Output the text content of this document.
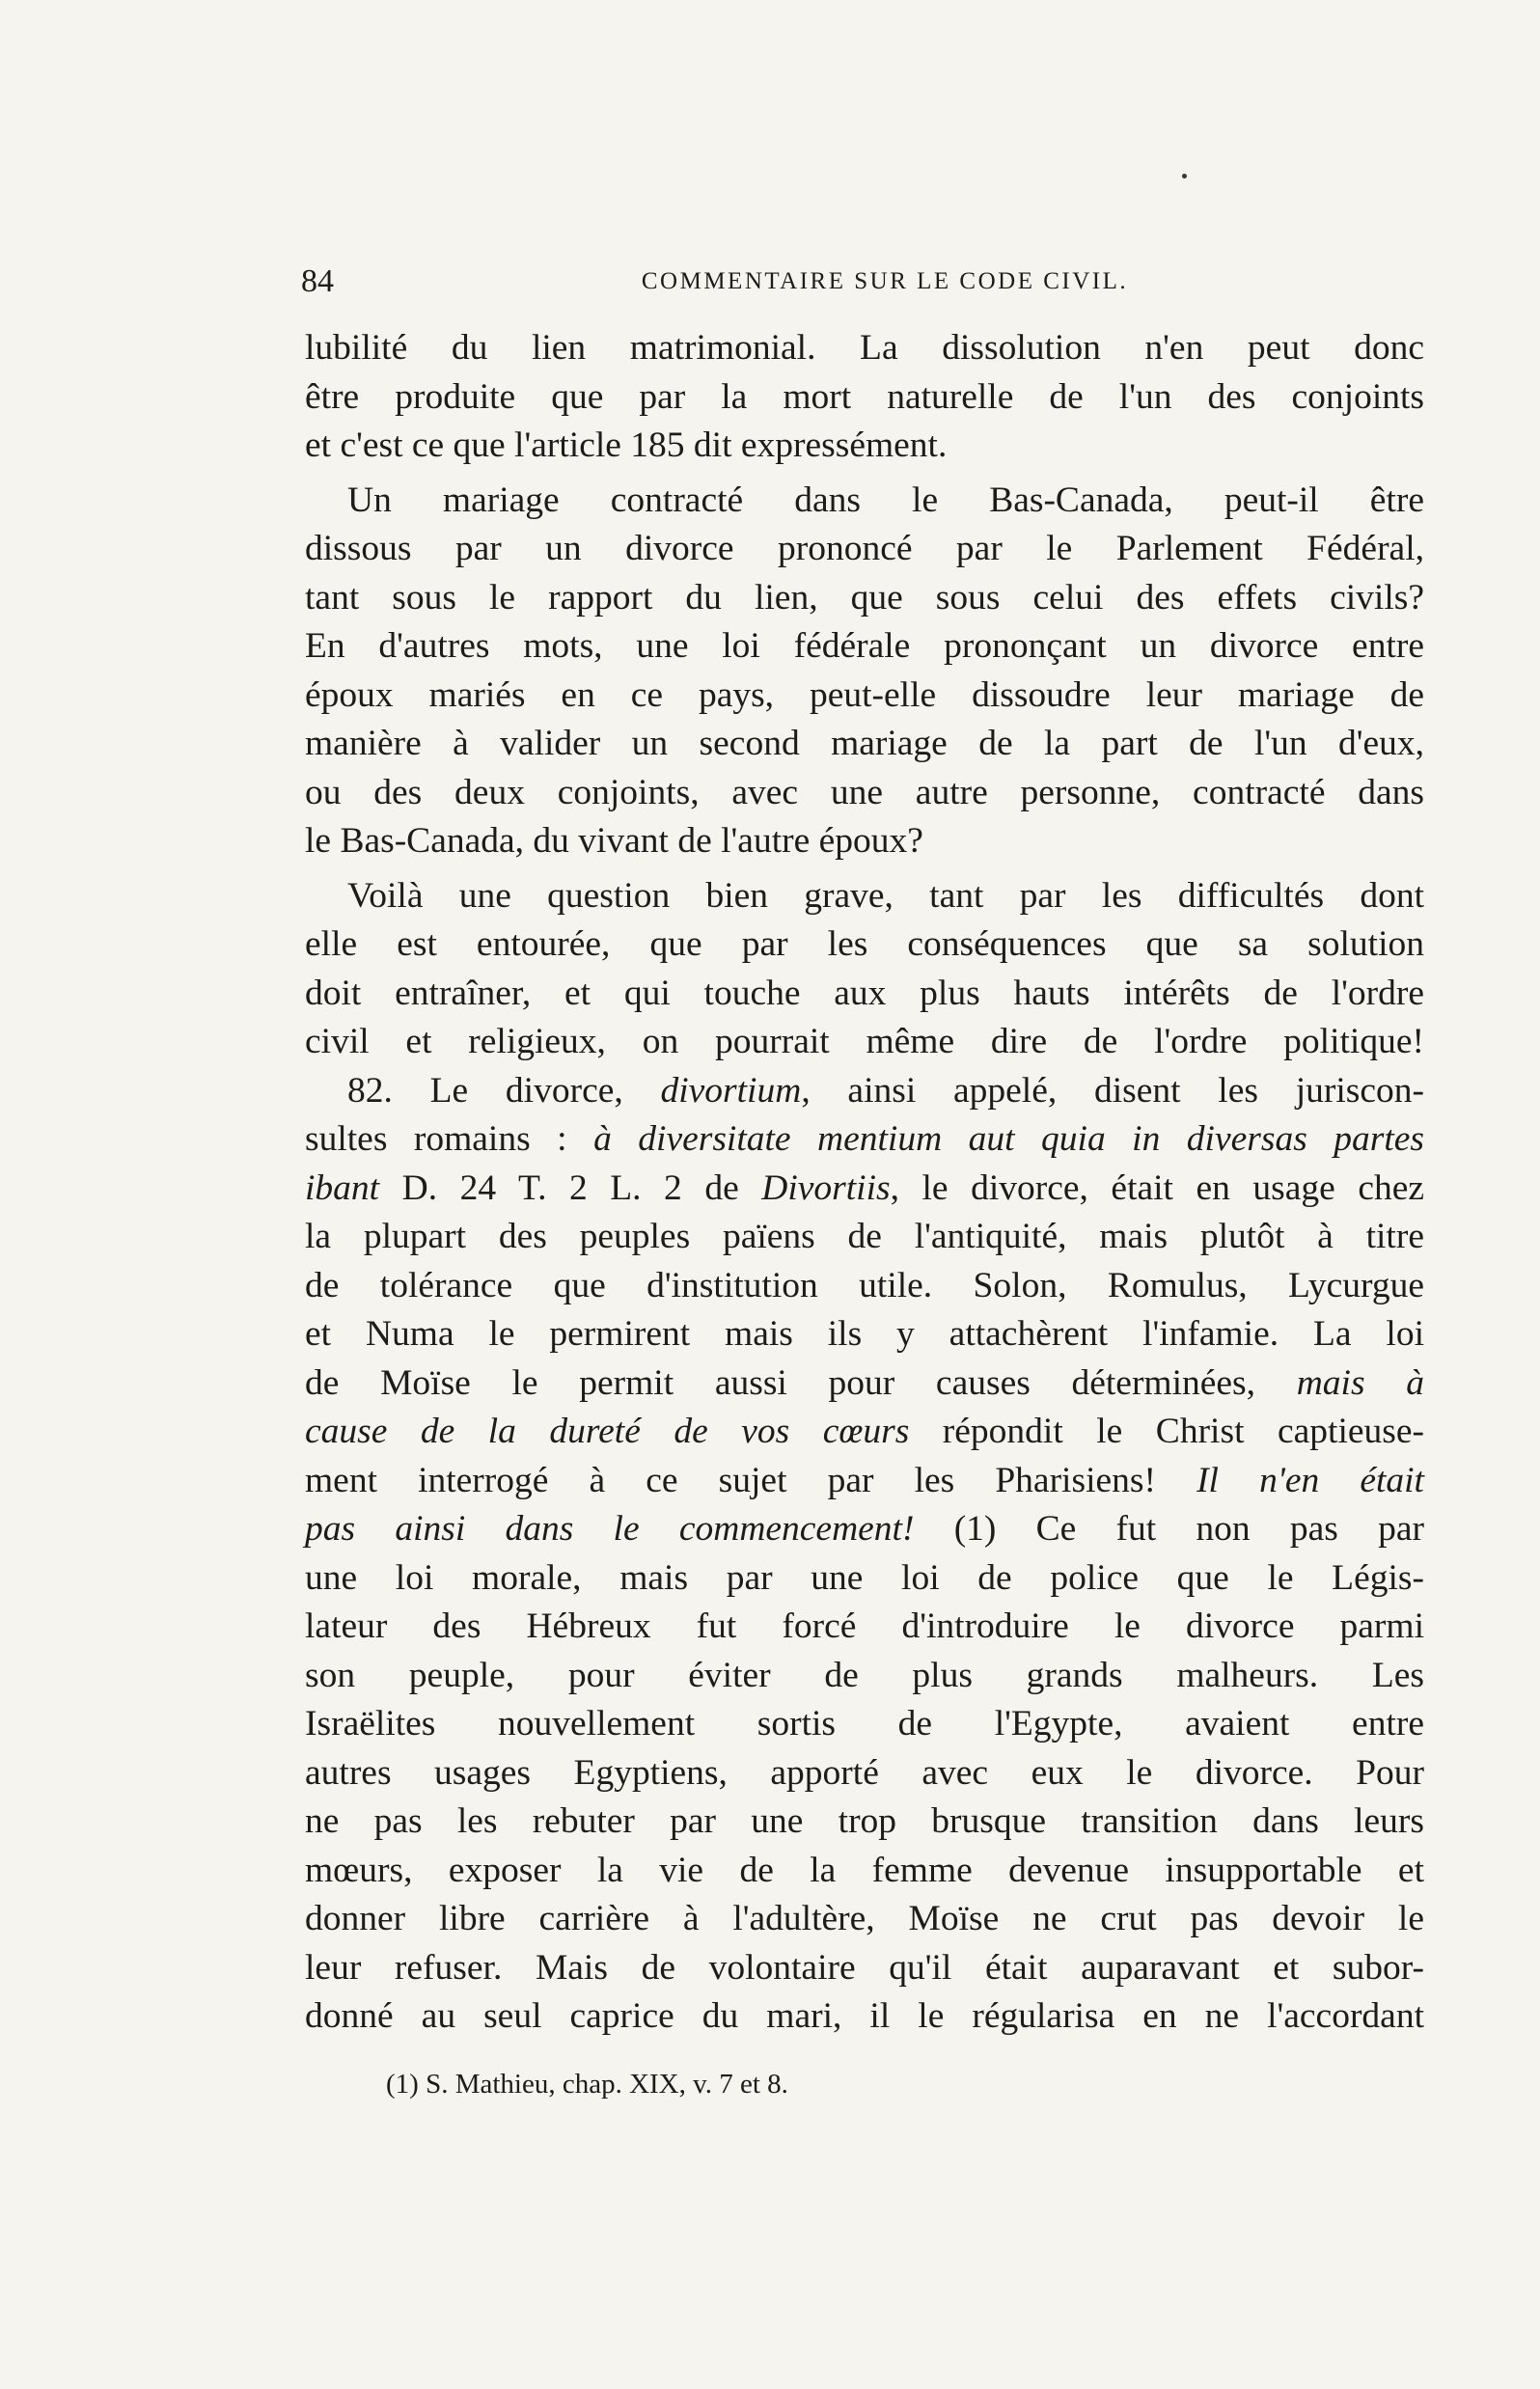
84	COMMENTAIRE SUR LE CODE CIVIL.
lubilité du lien matrimonial. La dissolution n'en peut donc
être produite que par la mort naturelle de l'un des conjoints
et c'est ce que l'article 185 dit expressément.
Un mariage contracté dans le Bas-Canada, peut-il être
dissous par un divorce prononcé par le Parlement Fédéral,
tant sous le rapport du lien, que sous celui des effets civils?
En d'autres mots, une loi fédérale prononçant un divorce entre
époux mariés en ce pays, peut-elle dissoudre leur mariage de
manière à valider un second mariage de la part de l'un d'eux,
ou des deux conjoints, avec une autre personne, contracté dans
le Bas-Canada, du vivant de l'autre époux?
Voilà une question bien grave, tant par les difficultés dont
elle est entourée, que par les conséquences que sa solution
doit entraîner, et qui touche aux plus hauts intérêts de l'ordre
civil et religieux, on pourrait même dire de l'ordre politique!
82. Le divorce, divortium, ainsi appelé, disent les juriscon-
sultes romains : à diversitate mentium aut quia in diversas partes
ibant D. 24 T. 2 L. 2 de Divortiis, le divorce, était en usage chez
la plupart des peuples païens de l'antiquité, mais plutôt à titre
de tolérance que d'institution utile. Solon, Romulus, Lycurgue
et Numa le permirent mais ils y attachèrent l'infamie. La loi
de Moïse le permit aussi pour causes déterminées, mais à
cause de la dureté de vos cœurs répondit le Christ captieuse-
ment interrogé à ce sujet par les Pharisiens! Il n'en était
pas ainsi dans le commencement! (1) Ce fut non pas par
une loi morale, mais par une loi de police que le Légis-
lateur des Hébreux fut forcé d'introduire le divorce parmi
son peuple, pour éviter de plus grands malheurs. Les
Israëlites nouvellement sortis de l'Egypte, avaient entre
autres usages Egyptiens, apporté avec eux le divorce. Pour
ne pas les rebuter par une trop brusque transition dans leurs
mœurs, exposer la vie de la femme devenue insupportable et
donner libre carrière à l'adultère, Moïse ne crut pas devoir le
leur refuser. Mais de volontaire qu'il était auparavant et subor-
donné au seul caprice du mari, il le régularisa en ne l'accordant
(1) S. Mathieu, chap. XIX, v. 7 et 8.
